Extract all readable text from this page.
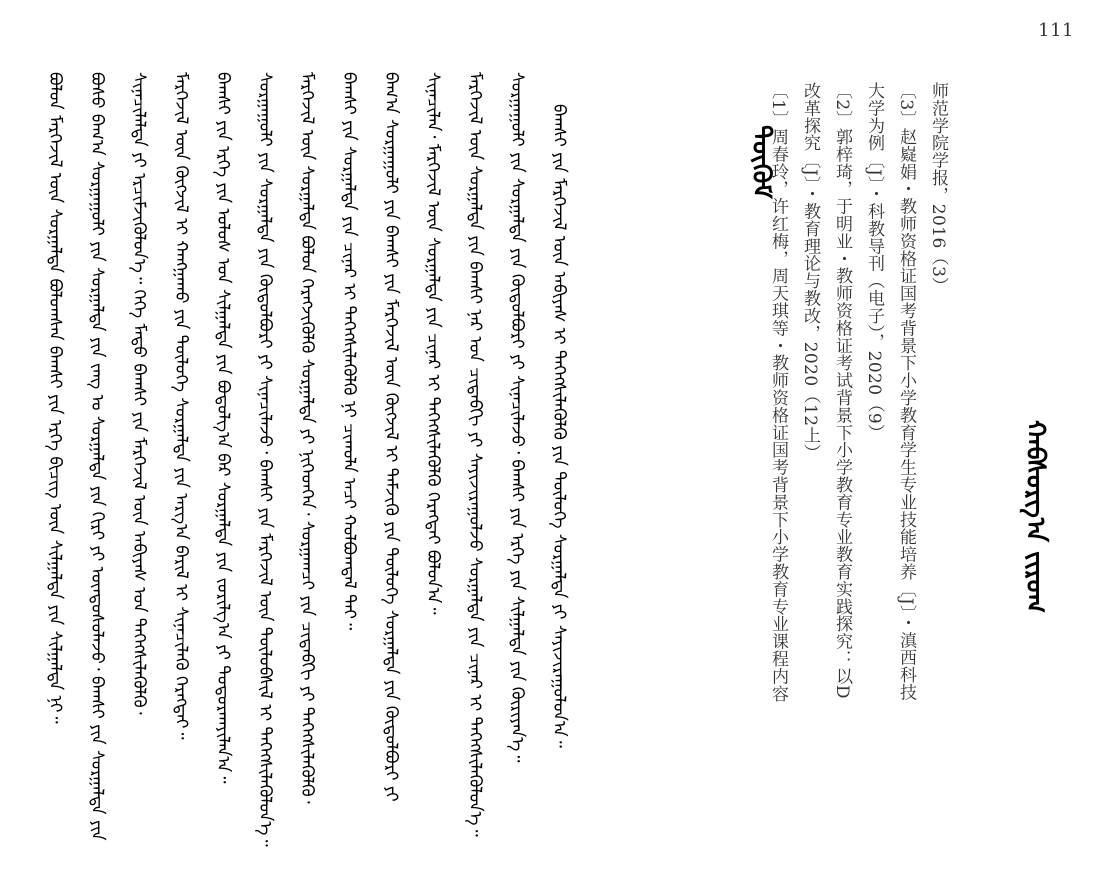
111
师范学院学报，2016（3）
〔3〕赵嶷娟・教师资格证国考背景下小学教育学生专业技能培养〔J〕・滇西科技
大学为例〔J〕・科教导刊（电子），2020（9）
〔2〕郭梓琦，于明业・教师资格证考试背景下小学教育专业教育实践探究：以D
改革探究〔J〕・教育理论与教改，2020（12上）
〔1〕周春玲，许红梅，周天琪等・教师资格证国考背景下小学教育专业课程内容	ᠬᠠᠪᠰᠤᠷᠭ᠎ᠠ ᠵᠢᠷᠤᠭ
ᠳᠦᠭᠦᠮ
ᠪᠤᠯᠤᠨ ᠮᠡᠷᠭᠡᠵᠢᠯ ᠦᠨ ᠰᠤᠷᠭᠠᠯᠲᠠ ᠪᠣᠯᠤᠭᠰᠠᠨ ᠪᠠᠭᠰᠢ ᠶᠢᠨ ᠡᠷᠬᠡ ᠪᠢᠴᠢᠭ ᠦᠨ ᠰᠢᠯᠭᠠᠯᠲᠠ ᠶᠢᠨ ᠰᠢᠯᠭᠠᠯᠲᠠ ᠨᠢ᠃	ᠪᠤᠰᠤ ᠪᠠᠭ᠎ᠠ ᠰᠤᠷᠭᠠᠭᠤᠯᠢ ᠶᠢᠨ ᠰᠤᠷᠭᠠᠯᠲᠠ ᠶᠢᠨ ᠵᠠᠩ ᠤ ᠰᠤᠷᠭᠠᠯᠲᠠ ᠶᠢᠨ ᠬᠢᠷᠢ ᠶᠢ ᠦᠨᠳᠦᠰᠦᠯᠡᠵᠦ᠂ ᠪᠠᠭᠰᠢ ᠶᠢᠨ ᠰᠤᠷᠭᠠᠯᠲᠠ ᠶᠢᠨ	ᠰᠢᠨᠡᠴᠢᠯᠡᠯᠲᠡ ᠶᠢ ᠡᠷᠴᠢᠮᠵᠢᠭᠦᠯᠦᠨ᠎ᠡ᠃ ᠭᠡᠬᠡ ᠮᠡᠲᠦ ᠪᠠᠭᠰᠢ ᠶᠢᠨ ᠮᠡᠷᠭᠡᠵᠢᠯ ᠦᠨ ᠠᠪᠢᠶᠠᠰ ᠤᠨ ᠳᠡᠭᠡᠭᠰᠢᠯᠡᠭᠦᠯᠬᠦ᠂	ᠮᠡᠷᠭᠡᠵᠢᠯ ᠦᠨ ᠬᠥᠭᠵᠢᠯ ᠢ ᠬᠠᠩᠭᠠᠬᠤ ᠶᠢᠨ ᠲᠥᠯᠦᠭᠡ ᠰᠤᠷᠭᠠᠯᠲᠠ ᠶᠢᠨ ᠠᠷᠭ᠎ᠠ ᠪᠠᠷᠢᠯ ᠢ ᠰᠢᠨᠡᠴᠢᠯᠡᠬᠦ ᠬᠡᠷᠡᠭᠲᠡᠢ᠃	ᠪᠠᠭᠰᠢ ᠶᠢᠨ ᠡᠷᠬᠡ ᠶᠢᠨ ᠤᠯᠤᠰ ᠤᠨ ᠰᠢᠯᠭᠠᠯᠲᠠ ᠶᠢᠨ ᠪᠣᠳᠣᠯᠭ᠎ᠠ ᠪᠠᠷ ᠰᠤᠷᠭᠠᠯᠲᠠ ᠶᠢᠨ ᠵᠣᠷᠢᠯᠭ᠎ᠠ ᠶᠢ ᠲᠣᠳᠣᠷᠬᠠᠶᠢᠯᠠᠨ᠎ᠠ᠃	ᠰᠤᠷᠭᠠᠭᠤᠯᠢ ᠶᠢᠨ ᠰᠤᠷᠭᠠᠯᠲᠠ ᠶᠢᠨ ᠬᠥᠲᠦᠯᠪᠦᠷᠢ ᠶᠢ ᠰᠢᠨᠡᠴᠢᠯᠡᠵᠦ᠂ ᠪᠠᠭᠰᠢ ᠶᠢᠨ ᠮᠡᠷᠭᠡᠵᠢᠯ ᠦᠨ ᠲᠥᠯᠥᠪᠰᠢᠯ ᠢ ᠳᠡᠭᠡᠭᠰᠢᠯᠡᠭᠦᠯᠦᠨ᠎ᠡ᠃	ᠮᠡᠷᠭᠡᠵᠢᠯ ᠦᠨ ᠰᠤᠷᠭᠠᠯᠲᠠ ᠪᠣᠯᠤᠨ ᠬᠡᠷᠡᠭᠵᠢᠭᠦᠯᠬᠦ ᠰᠤᠷᠭᠠᠯᠲᠠ ᠶᠢ ᠨᠢᠭᠡᠳᠬᠡᠨ᠂ ᠰᠤᠷᠭᠠᠭᠴᠢ ᠶᠢᠨ ᠴᠢᠳᠠᠪᠬᠢ ᠶᠢ ᠳᠡᠭᠡᠭᠰᠢᠯᠡᠭᠦᠯᠬᠦ᠂	ᠪᠠᠭᠰᠢ ᠶᠢᠨ ᠰᠤᠷᠭᠠᠯᠲᠠ ᠶᠢᠨ ᠴᠢᠨᠠᠷ ᠢ ᠳᠡᠭᠡᠭᠰᠢᠯᠡᠭᠦᠯᠬᠦ ᠨᠢ ᠴᠢᠬᠤᠯᠠ ᠠᠴᠢ ᠬᠣᠯᠪᠣᠭᠳᠠᠯ ᠲᠠᠢ᠃	ᠪᠠᠭ᠎ᠠ ᠰᠤᠷᠭᠠᠭᠤᠯᠢ ᠶᠢᠨ ᠪᠠᠭᠰᠢ ᠶᠢᠨ ᠮᠡᠷᠭᠡᠵᠢᠯ ᠦᠨ ᠬᠥᠭᠵᠢᠯ ᠢ ᠳᠡᠮᠵᠢᠬᠦ ᠶᠢᠨ ᠲᠥᠯᠦᠭᠡ ᠰᠤᠷᠭᠠᠯᠲᠠ ᠶᠢᠨ ᠬᠥᠲᠦᠯᠪᠦᠷᠢ ᠶᠢ	ᠰᠢᠨᠡᠴᠢᠯᠡᠨ᠂ ᠮᠡᠷᠭᠡᠵᠢᠯ ᠦᠨ ᠰᠤᠷᠭᠠᠯᠲᠠ ᠶᠢᠨ ᠴᠢᠨᠠᠷ ᠢ ᠳᠡᠭᠡᠭᠰᠢᠯᠡᠭᠦᠯᠬᠦ ᠬᠡᠷᠡᠭᠲᠡᠢ ᠪᠣᠯᠤᠨ᠎ᠠ᠃	ᠮᠡᠷᠭᠡᠵᠢᠯ ᠦᠨ ᠰᠤᠷᠭᠠᠯᠲᠠ ᠶᠢᠨ ᠪᠠᠭᠰᠢ ᠨᠠᠷ ᠤᠨ ᠴᠢᠳᠠᠪᠬᠢ ᠶᠢ ᠰᠠᠶᠢᠵᠢᠷᠠᠭᠤᠯᠵᠤ ᠰᠤᠷᠭᠠᠯᠲᠠ ᠶᠢᠨ ᠴᠢᠨᠠᠷ ᠢ ᠳᠡᠭᠡᠭᠰᠢᠯᠡᠭᠦᠯᠦᠨ᠎ᠡ᠃	ᠰᠤᠷᠭᠠᠭᠤᠯᠢ ᠶᠢᠨ ᠰᠤᠷᠭᠠᠯᠲᠠ ᠶᠢᠨ ᠬᠥᠲᠦᠯᠪᠦᠷᠢ ᠶᠢ ᠰᠢᠨᠡᠴᠢᠯᠡᠵᠦ᠂ ᠪᠠᠭᠰᠢ ᠶᠢᠨ ᠡᠷᠬᠡ ᠶᠢᠨ ᠰᠢᠯᠭᠠᠯᠲᠠ ᠶᠢᠨ ᠬᠦᠷᠢᠶᠡᠨ᠎ᠡ᠃	ᠪᠠᠭᠰᠢ ᠶᠢᠨ ᠮᠡᠷᠭᠡᠵᠢᠯ ᠦᠨ ᠠᠪᠢᠶᠠᠰ ᠢ ᠳᠡᠭᠡᠭᠰᠢᠯᠡᠭᠦᠯᠬᠦ ᠶᠢᠨ ᠲᠥᠯᠦᠭᠡ ᠰᠤᠷᠭᠠᠯᠲᠠ ᠶᠢ ᠰᠠᠶᠢᠵᠢᠷᠠᠭᠤᠯᠤᠨ᠎ᠠ᠃
